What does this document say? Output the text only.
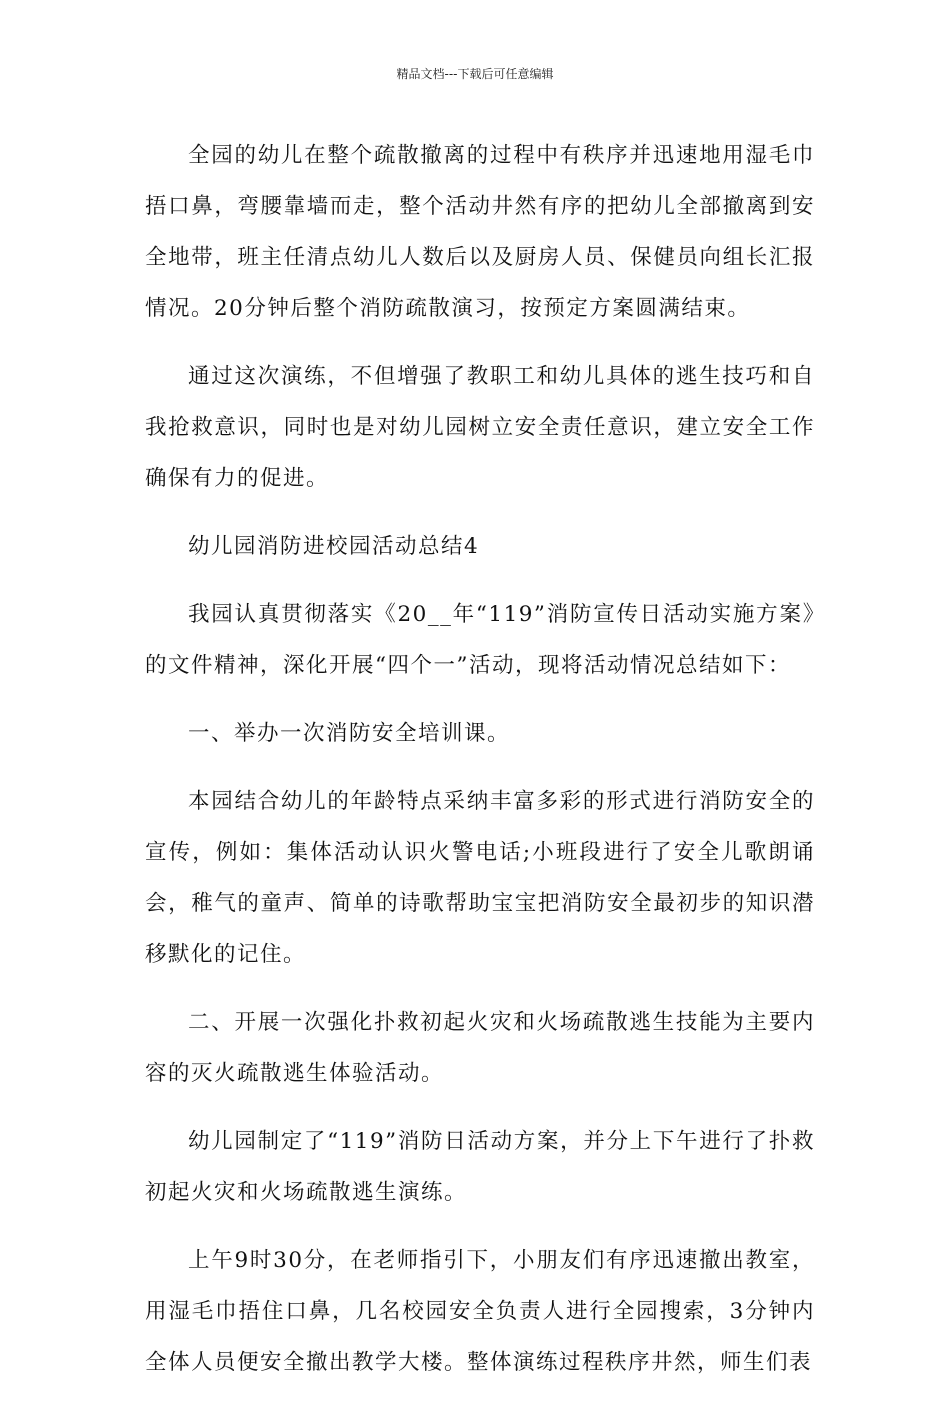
精品文档---下载后可任意编辑

全园的幼儿在整个疏散撤离的过程中有秩序并迅速地用湿毛巾捂口鼻，弯腰靠墙而走，整个活动井然有序的把幼儿全部撤离到安全地带，班主任清点幼儿人数后以及厨房人员、保健员向组长汇报情况。20分钟后整个消防疏散演习，按预定方案圆满结束。

通过这次演练，不但增强了教职工和幼儿具体的逃生技巧和自我抢救意识，同时也是对幼儿园树立安全责任意识，建立安全工作确保有力的促进。

幼儿园消防进校园活动总结4

我园认真贯彻落实《20__年“119”消防宣传日活动实施方案》的文件精神，深化开展“四个一”活动，现将活动情况总结如下：

一、举办一次消防安全培训课。

本园结合幼儿的年龄特点采纳丰富多彩的形式进行消防安全的宣传，例如：集体活动认识火警电话;小班段进行了安全儿歌朗诵会，稚气的童声、简单的诗歌帮助宝宝把消防安全最初步的知识潜移默化的记住。

二、开展一次强化扑救初起火灾和火场疏散逃生技能为主要内容的灭火疏散逃生体验活动。

幼儿园制定了“119”消防日活动方案，并分上下午进行了扑救初起火灾和火场疏散逃生演练。

上午9时30分，在老师指引下，小朋友们有序迅速撤出教室，用湿毛巾捂住口鼻，几名校园安全负责人进行全园搜索，3分钟内全体人员便安全撤出教学大楼。整体演练过程秩序井然，师生们表
